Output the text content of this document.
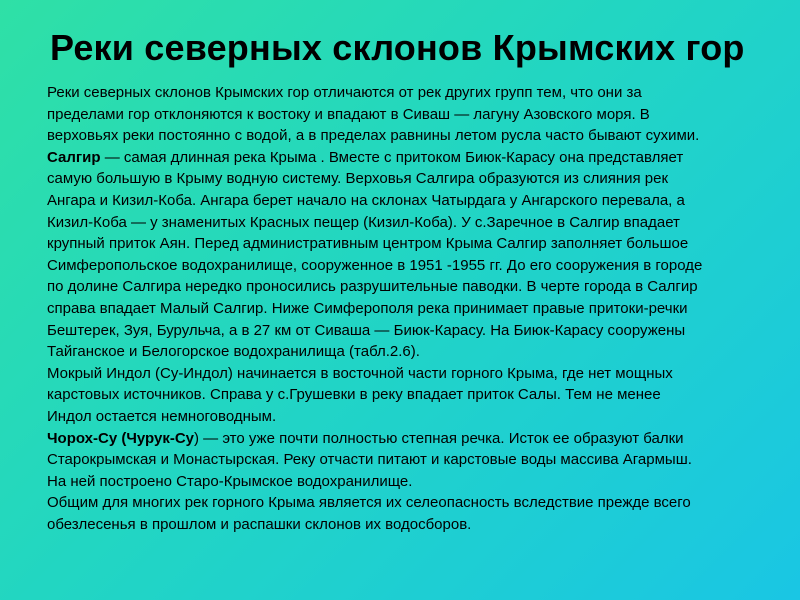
Реки северных склонов Крымских гор
Реки северных склонов Крымских гор отличаются от рек других групп тем, что они за
пределами гор отклоняются к востоку и впадают в Сиваш — лагуну Азовского моря. В
верховьях реки постоянно с водой, а в пределах равнины летом русла часто бывают сухими.
Салгир — самая длинная река Крыма . Вместе с притоком Биюк-Карасу она представляет
самую большую в Крыму водную систему. Верховья Салгира образуются из слияния рек
Ангара и Кизил-Коба. Ангара берет начало на склонах Чатырдага у Ангарского перевала, а
Кизил-Коба — у знаменитых Красных пещер (Кизил-Коба). У с.Заречное в Салгир впадает
крупный приток Аян. Перед административным центром Крыма Салгир заполняет большое
Симферопольское водохранилище, сооруженное в 1951 -1955 гг. До его сооружения в городе
по долине Салгира нередко проносились разрушительные паводки. В черте города в Салгир
справа впадает Малый Салгир. Ниже Симферополя река принимает правые притоки-речки
Бештерек, Зуя, Бурульча, а в 27 км от Сиваша — Биюк-Карасу. На Биюк-Карасу сооружены
Тайганское и Белогорское водохранилища (табл.2.6).
Мокрый Индол (Су-Индол) начинается в восточной части горного Крыма, где нет мощных
карстовых источников. Справа у с.Грушевки в реку впадает приток Салы. Тем не менее
Индол остается немноговодным.
Чорох-Су (Чурук-Су) — это уже почти полностью степная речка. Исток ее образуют балки
Старокрымская и Монастырская. Реку отчасти питают и карстовые воды массива Агармыш.
На ней построено Старо-Крымское водохранилище.
Общим для многих рек горного Крыма является их селеопасность вследствие прежде всего
обезлесенья в прошлом и распашки склонов их водосборов.
